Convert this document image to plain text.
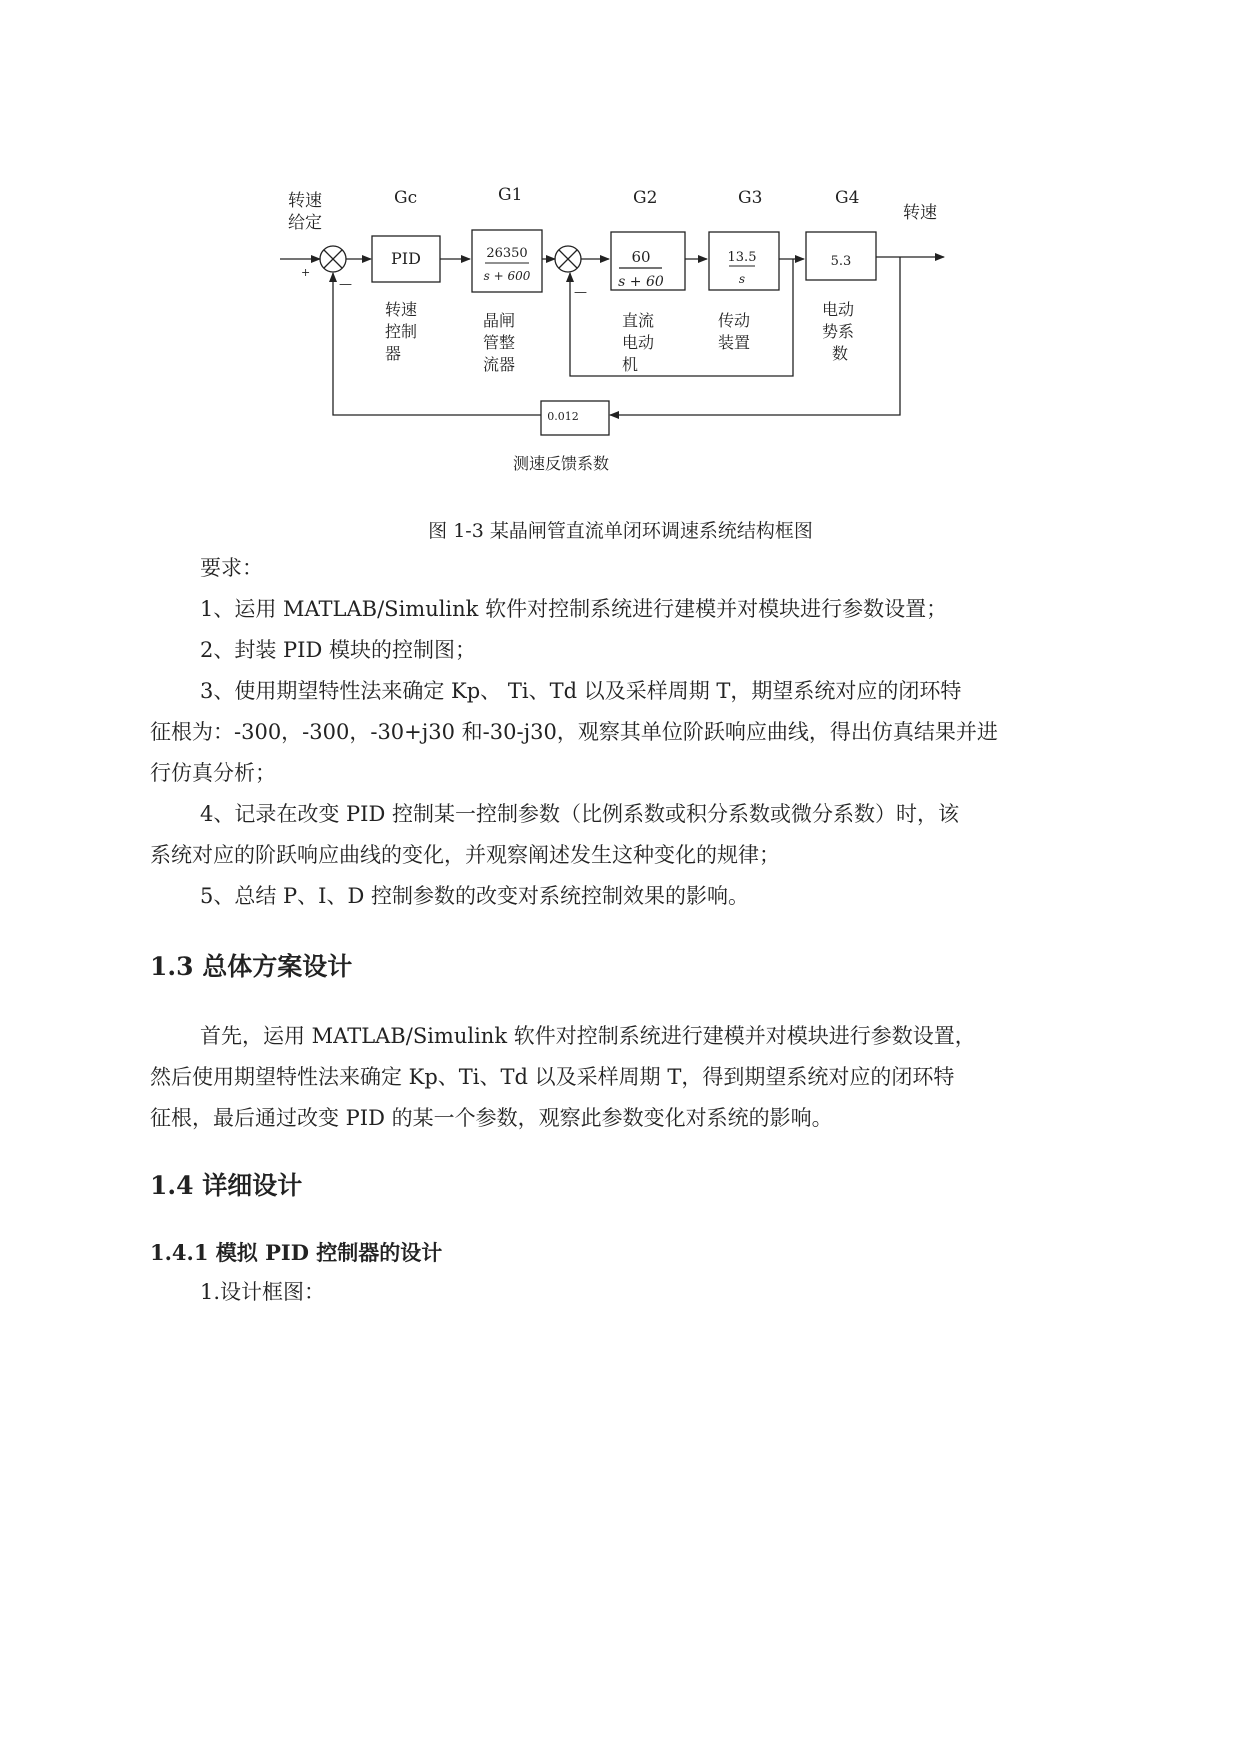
转速
给定
Gc	G1	G2	G3	G4
转速
+
—
PID	26350
s + 600
—
60
s + 60
13.5
s
5.3
0.012
转速
控制
器
晶闸
管整
流器
直流
电动
机
传动
装置
电动
势系
数
测速反馈系数
图 1-3 某晶闸管直流单闭环调速系统结构框图
要求：
1、运用 MATLAB/Simulink 软件对控制系统进行建模并对模块进行参数设置；
2、封装 PID 模块的控制图；
3、使用期望特性法来确定 Kp、 Ti、Td 以及采样周期 T，期望系统对应的闭环特
征根为：-300，-300，-30+j30 和-30-j30，观察其单位阶跃响应曲线，得出仿真结果并进
行仿真分析；
4、记录在改变 PID 控制某一控制参数（比例系数或积分系数或微分系数）时，该
系统对应的阶跃响应曲线的变化，并观察阐述发生这种变化的规律；
5、总结 P、I、D 控制参数的改变对系统控制效果的影响。
1.3 总体方案设计
首先，运用 MATLAB/Simulink 软件对控制系统进行建模并对模块进行参数设置，
然后使用期望特性法来确定 Kp、Ti、Td 以及采样周期 T，得到期望系统对应的闭环特
征根，最后通过改变 PID 的某一个参数，观察此参数变化对系统的影响。
1.4 详细设计
1.4.1 模拟 PID 控制器的设计
1.设计框图：
